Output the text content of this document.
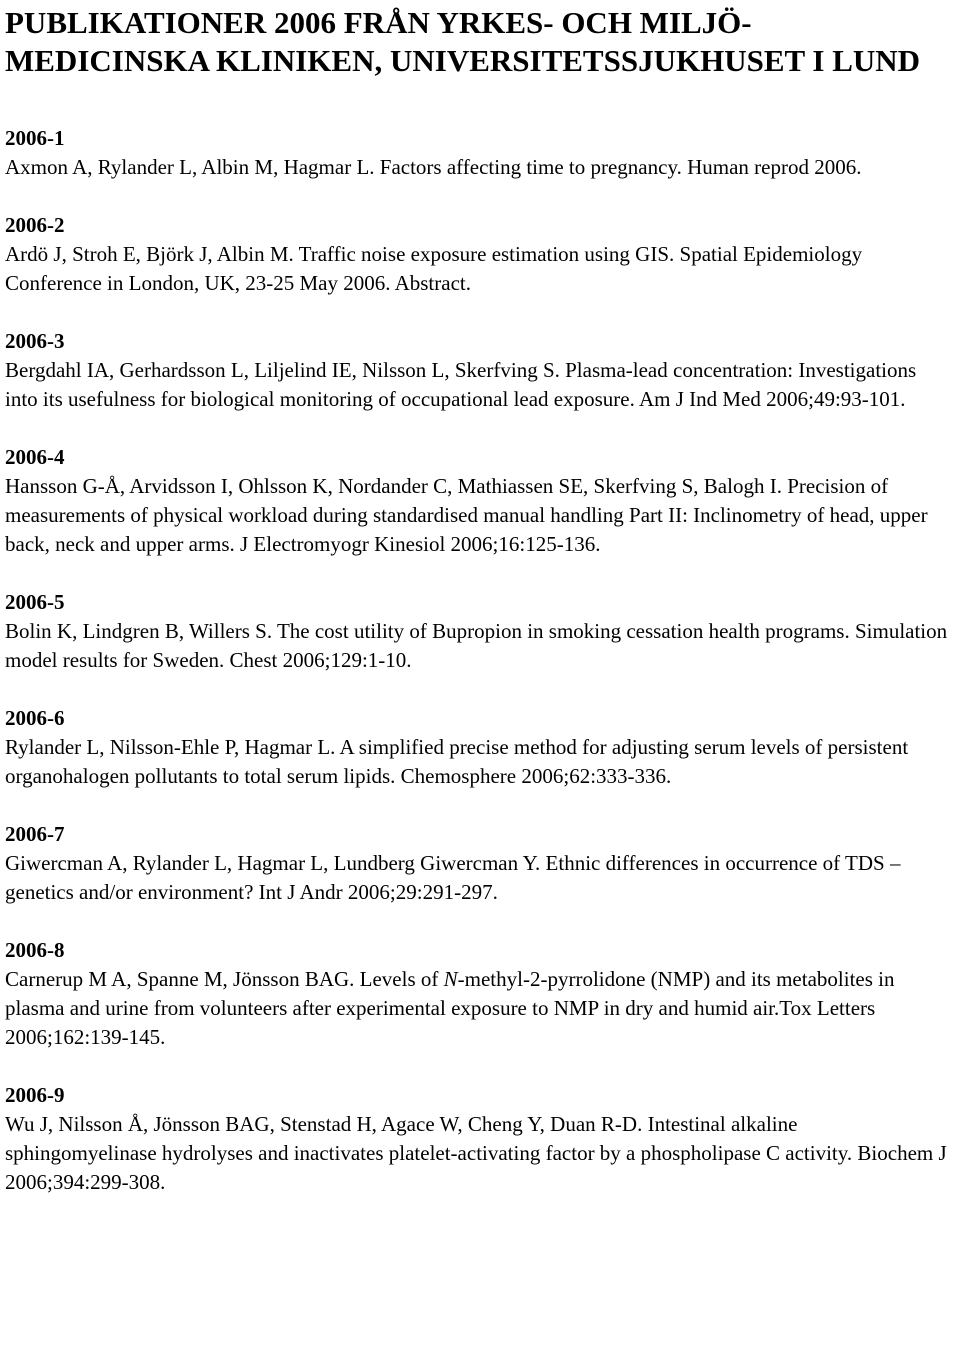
PUBLIKATIONER 2006 FRÅN YRKES- OCH MILJÖ-MEDICINSKA KLINIKEN, UNIVERSITETSSJUKHUSET I LUND
2006-1
Axmon A, Rylander L, Albin M, Hagmar L. Factors affecting time to pregnancy. Human reprod 2006.
2006-2
Ardö J, Stroh E, Björk J, Albin M. Traffic noise exposure estimation using GIS. Spatial Epidemiology Conference in London, UK, 23-25 May 2006. Abstract.
2006-3
Bergdahl IA, Gerhardsson L, Liljelind IE, Nilsson L, Skerfving S. Plasma-lead concentration: Investigations into its usefulness for biological monitoring of occupational lead exposure. Am J Ind Med 2006;49:93-101.
2006-4
Hansson G-Å, Arvidsson I, Ohlsson K, Nordander C, Mathiassen SE, Skerfving S, Balogh I. Precision of measurements of physical workload during standardised manual handling Part II: Inclinometry of head, upper back, neck and upper arms. J Electromyogr Kinesiol 2006;16:125-136.
2006-5
Bolin K, Lindgren B, Willers S. The cost utility of Bupropion in smoking cessation health programs. Simulation model results for Sweden. Chest 2006;129:1-10.
2006-6
Rylander L, Nilsson-Ehle P, Hagmar L. A simplified precise method for adjusting serum levels of persistent organohalogen pollutants to total serum lipids. Chemosphere 2006;62:333-336.
2006-7
Giwercman A, Rylander L, Hagmar L, Lundberg Giwercman Y. Ethnic differences in occurrence of TDS – genetics and/or environment? Int J Andr 2006;29:291-297.
2006-8
Carnerup M A, Spanne M, Jönsson BAG. Levels of N-methyl-2-pyrrolidone (NMP) and its metabolites in plasma and urine from volunteers after experimental exposure to NMP in dry and humid air.Tox Letters 2006;162:139-145.
2006-9
Wu J, Nilsson Å, Jönsson BAG, Stenstad H, Agace W, Cheng Y, Duan R-D. Intestinal alkaline sphingomyelinase hydrolyses and inactivates platelet-activating factor by a phospholipase C activity. Biochem J 2006;394:299-308.
